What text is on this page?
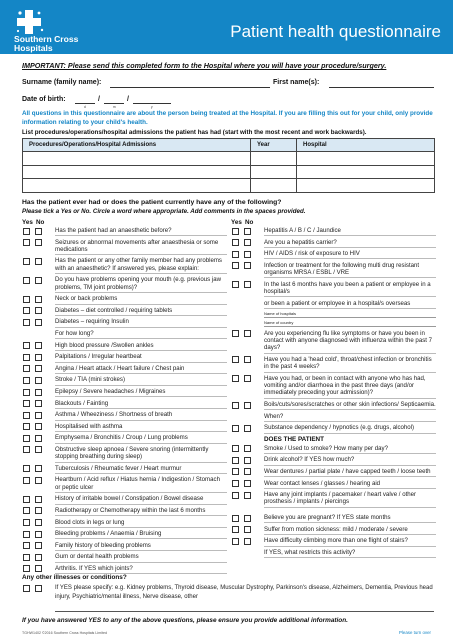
Southern Cross
Hospitals
Patient health questionnaire
IMPORTANT: Please send this completed form to the Hospital where you will have your procedure/surgery.
Surname (family name):	First name(s):
Date of birth:	/	/
d	m	y
All questions in this questionnaire are about the person being treated at the Hospital. If you are filling this out for your child, only provide information relating to your child's health.
List procedures/operations/hospital admissions the patient has had (start with the most recent and work backwards).
Procedures/Operations/Hospital Admissions	Year	Hospital

Has the patient ever had or does the patient currently have any of the following?
Please tick a Yes or No. Circle a word where appropriate. Add comments in the spaces provided.
Yes No	Yes No
Has the patient had an anaesthetic before?
Seizures or abnormal movements after anaesthesia or some medications
Has the patient or any other family member had any problems with an anaesthetic? If answered yes, please explain:
Do you have problems opening your mouth (e.g. previous jaw problems, TM joint problems)?
Neck or back problems
Diabetes – diet controlled / requiring tablets
Diabetes – requiring Insulin
For how long?
High blood pressure /Swollen ankles
Palpitations / Irregular heartbeat
Angina / Heart attack / Heart failure / Chest pain
Stroke / TIA (mini strokes)
Epilepsy / Severe headaches / Migraines
Blackouts / Fainting
Asthma / Wheeziness / Shortness of breath
Hospitalised with asthma
Emphysema / Bronchitis / Croup / Lung problems
Obstructive sleep apnoea / Severe snoring (intermittently stopping breathing during sleep)
Tuberculosis / Rheumatic fever / Heart murmur
Heartburn / Acid reflux / Hiatus hernia / Indigestion / Stomach or peptic ulcer
History of irritable bowel / Constipation / Bowel disease
Radiotherapy or Chemotherapy within the last 6 months
Blood clots in legs or lung
Bleeding problems / Anaemia / Bruising
Family history of bleeding problems
Gum or dental health problems
Arthritis. If YES which joints?
Hepatitis A / B / C / Jaundice
Are you a hepatitis carrier?
HIV / AIDS / risk of exposure to HIV
Infection or treatment for the following multi drug resistant organisms MRSA / ESBL / VRE
In the last 6 months have you been a patient or employee in a hospital/s
or been a patient or employee in a hospital/s overseas
Name of hospitals
Name of country
Are you experiencing flu like symptoms or have you been in contact with anyone diagnosed with influenza within the past 7 days?
Have you had a 'head cold', throat/chest infection or bronchitis in the past 4 weeks?
Have you had, or been in contact with anyone who has had, vomiting and/or diarrhoea in the past three days (and/or immediately preceding your admission)?
Boils/cuts/sores/scratches or other skin infections/ Septicaemia.
When?
Substance dependency / hypnotics (e.g. drugs, alcohol)
DOES THE PATIENT
Smoke / Used to smoke? How many per day?
Drink alcohol? If YES how much?
Wear dentures / partial plate / have capped teeth / loose teeth
Wear contact lenses / glasses / hearing aid
Have any joint implants / pacemaker / heart valve / other prosthesis / implants / piercings
Believe you are pregnant? If YES state months
Suffer from motion sickness: mild / moderate / severe
Have difficulty climbing more than one flight of stairs?
If YES, what restricts this activity?
Any other illnesses or conditions?
If YES please specify: e.g. Kidney problems, Thyroid disease, Muscular Dystrophy, Parkinson's disease, Alzheimers, Dementia, Previous head injury, Psychiatric/mental illness, Nerve disease, other
If you have answered YES to any of the above questions, please ensure you provide additional information.
TGHW1402 ©2016 Southern Cross Hospitals Limited	Please turn over
